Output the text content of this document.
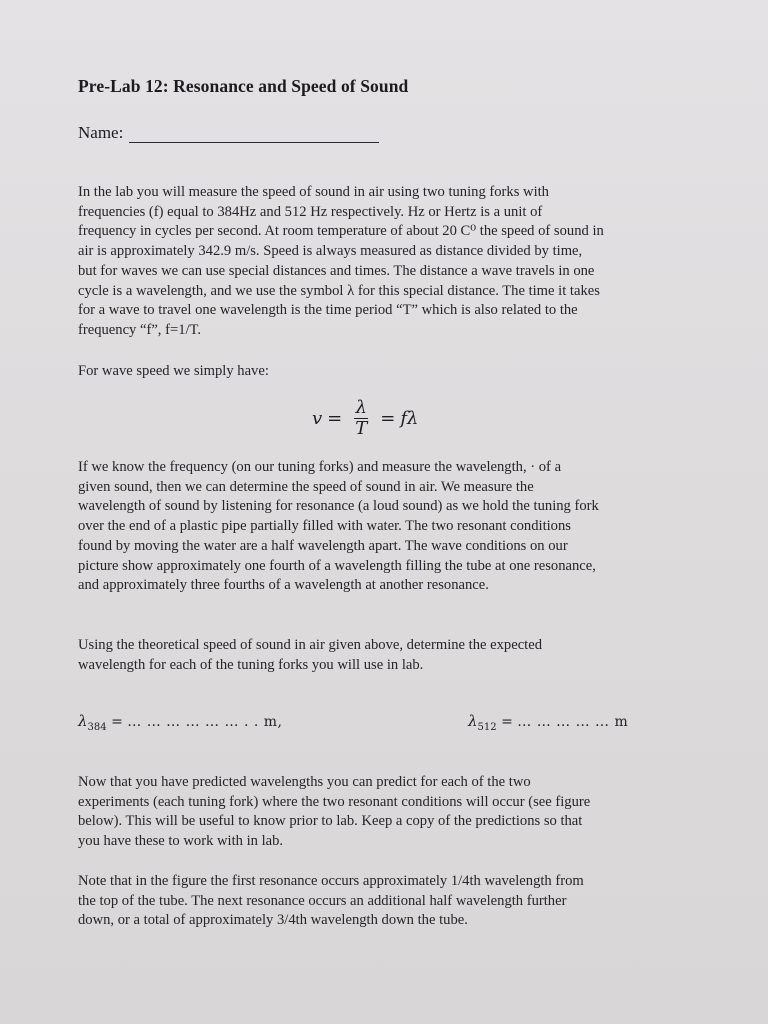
Pre-Lab 12: Resonance and Speed of Sound
Name:
In the lab you will measure the speed of sound in air using two tuning forks with
frequencies (f) equal to 384Hz and 512 Hz respectively. Hz or Hertz is a unit of
frequency in cycles per second. At room temperature of about 20 C⁰ the speed of sound in
air is approximately 342.9 m/s. Speed is always measured as distance divided by time,
but for waves we can use special distances and times. The distance a wave travels in one
cycle is a wavelength, and we use the symbol λ for this special distance. The time it takes
for a wave to travel one wavelength is the time period “T” which is also related to the
frequency “f”, f=1/T.
For wave speed we simply have:
$v = \frac{\lambda}{T} = f\lambda$
If we know the frequency (on our tuning forks) and measure the wavelength, · of a
given sound, then we can determine the speed of sound in air. We measure the
wavelength of sound by listening for resonance (a loud sound) as we hold the tuning fork
over the end of a plastic pipe partially filled with water. The two resonant conditions
found by moving the water are a half wavelength apart. The wave conditions on our
picture show approximately one fourth of a wavelength filling the tube at one resonance,
and approximately three fourths of a wavelength at another resonance.
Using the theoretical speed of sound in air given above, determine the expected
wavelength for each of the tuning forks you will use in lab.
$\lambda_{384}$ = … … … … … … . . m,	$\lambda_{512}$ = … … … … … m
Now that you have predicted wavelengths you can predict for each of the two
experiments (each tuning fork) where the two resonant conditions will occur (see figure
below). This will be useful to know prior to lab. Keep a copy of the predictions so that
you have these to work with in lab.
Note that in the figure the first resonance occurs approximately 1/4th wavelength from
the top of the tube. The next resonance occurs an additional half wavelength further
down, or a total of approximately 3/4th wavelength down the tube.
